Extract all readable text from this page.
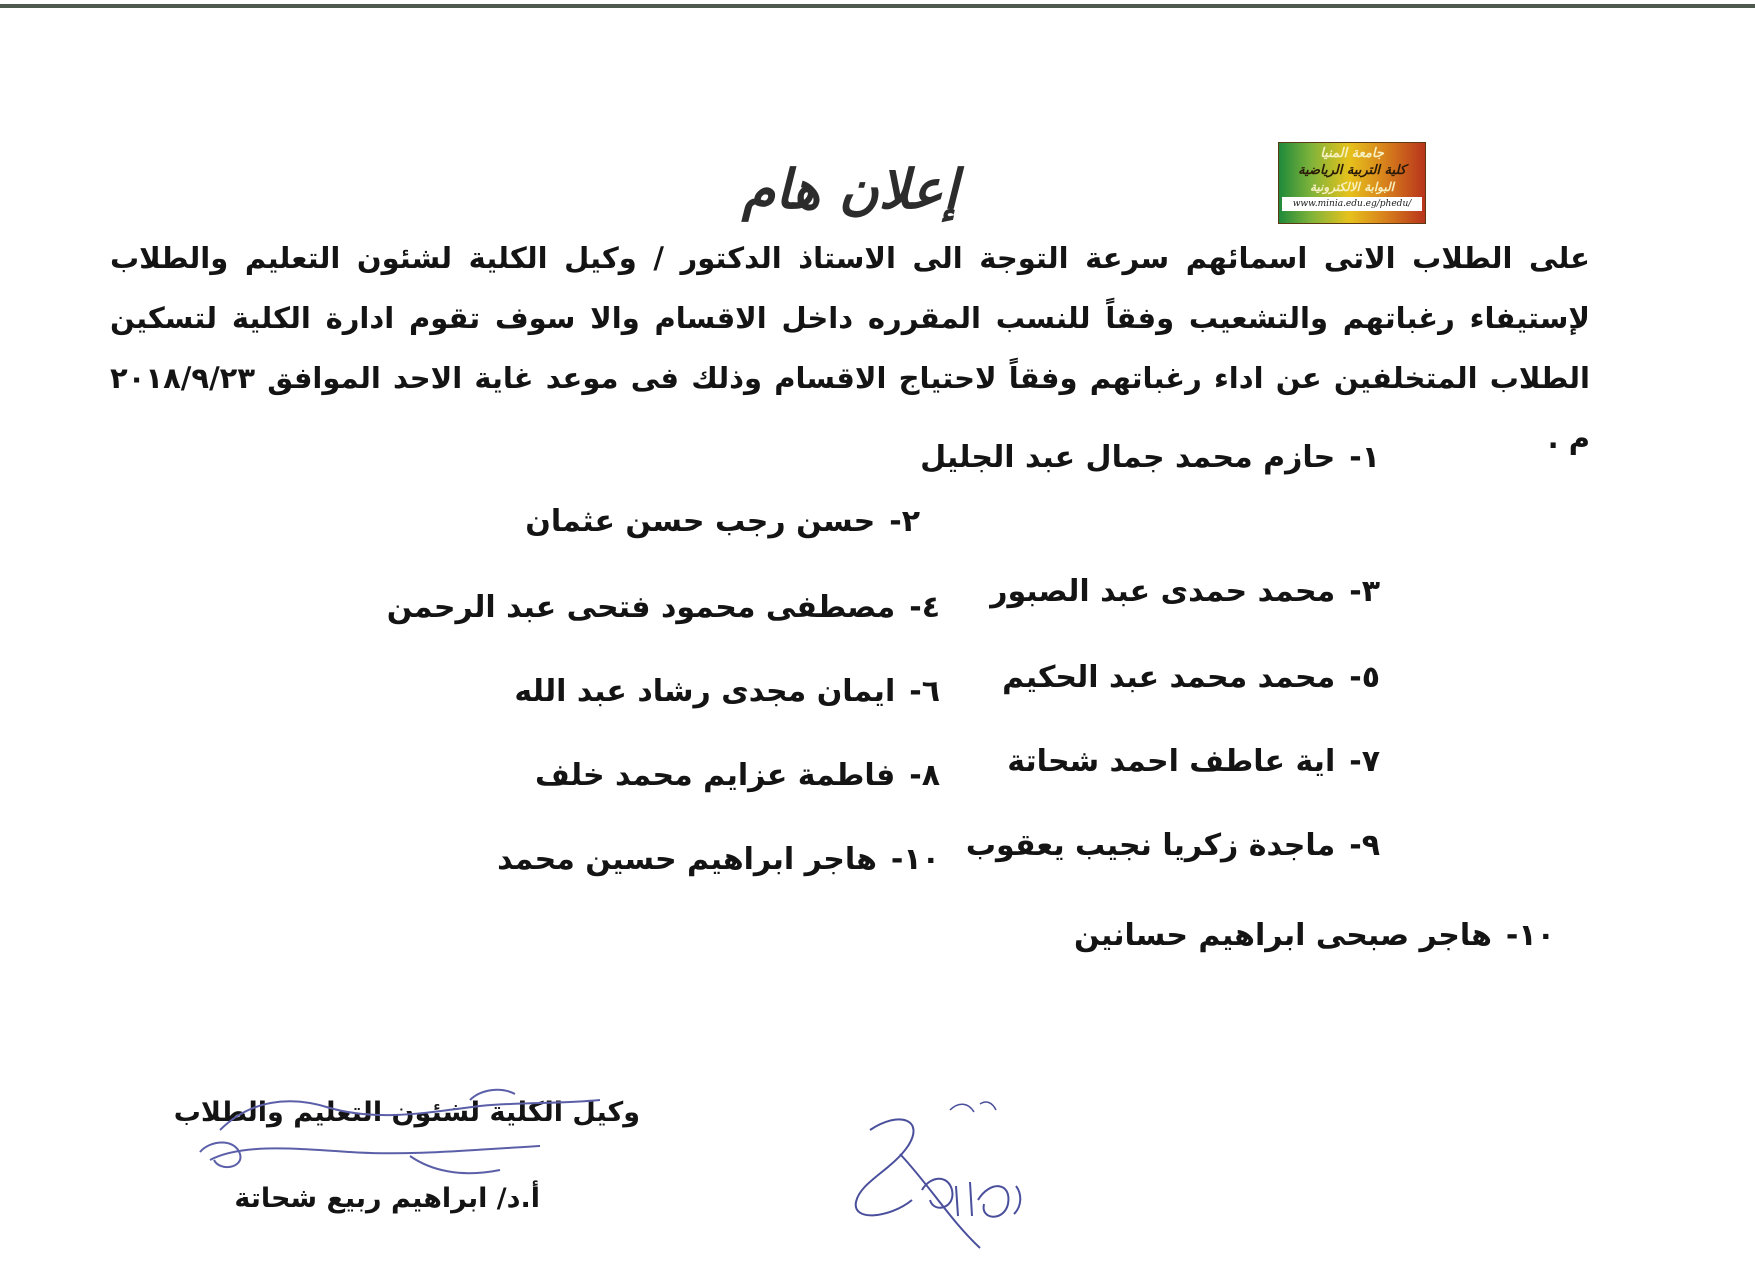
جامعة المنيا
كلية التربية الرياضية
البوابة الالكترونية
www.minia.edu.eg/phedu/
إعلان هام

على الطلاب الاتى اسمائهم سرعة التوجة الى الاستاذ الدكتور / وكيل الكلية لشئون التعليم والطلاب لإستيفاء رغباتهم والتشعيب وفقاً للنسب المقرره داخل الاقسام والا سوف تقوم ادارة الكلية لتسكين الطلاب المتخلفين عن اداء رغباتهم وفقاً لاحتياج الاقسام وذلك فى موعد غاية الاحد الموافق ٢٠١٨/٩/٢٣ م .

١-حازم محمد جمال عبد الجليل
٢-حسن رجب حسن عثمان
٣-محمد حمدى عبد الصبور
٤-مصطفى محمود فتحى عبد الرحمن
٥-محمد محمد عبد الحكيم
٦-ايمان مجدى رشاد عبد الله
٧-اية عاطف احمد شحاتة
٨-فاطمة عزايم محمد خلف
٩-ماجدة زكريا نجيب يعقوب
١٠-هاجر ابراهيم حسين محمد
١٠-هاجر صبحى ابراهيم حسانين
وكيل الكلية لشئون التعليم والطلاب
أ.د/ ابراهيم ربيع شحاتة
